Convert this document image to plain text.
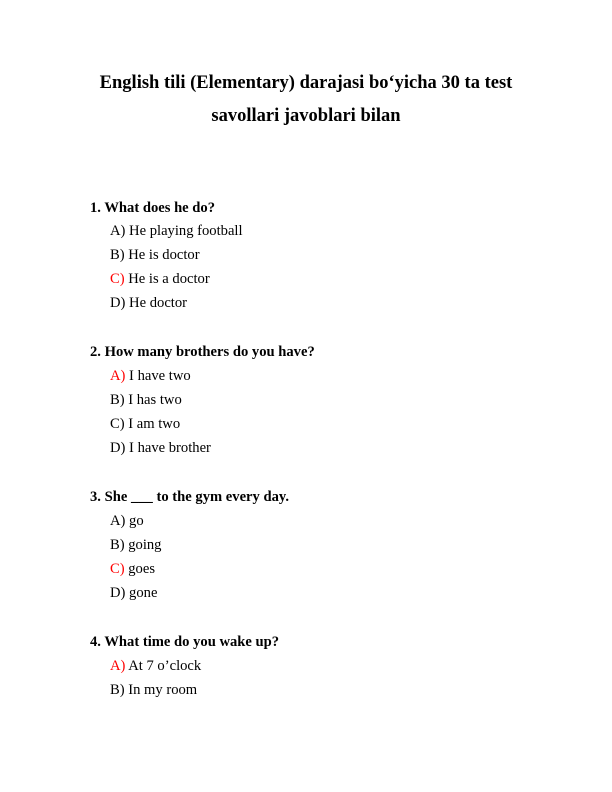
English tili (Elementary) darajasi bo‘yicha 30 ta test
savollari javoblari bilan
1. What does he do?
A) He playing football
B) He is doctor
C) He is a doctor
D) He doctor
2. How many brothers do you have?
A) I have two
B) I has two
C) I am two
D) I have brother
3. She ___ to the gym every day.
A) go
B) going
C) goes
D) gone
4. What time do you wake up?
A) At 7 o’clock
B) In my room
